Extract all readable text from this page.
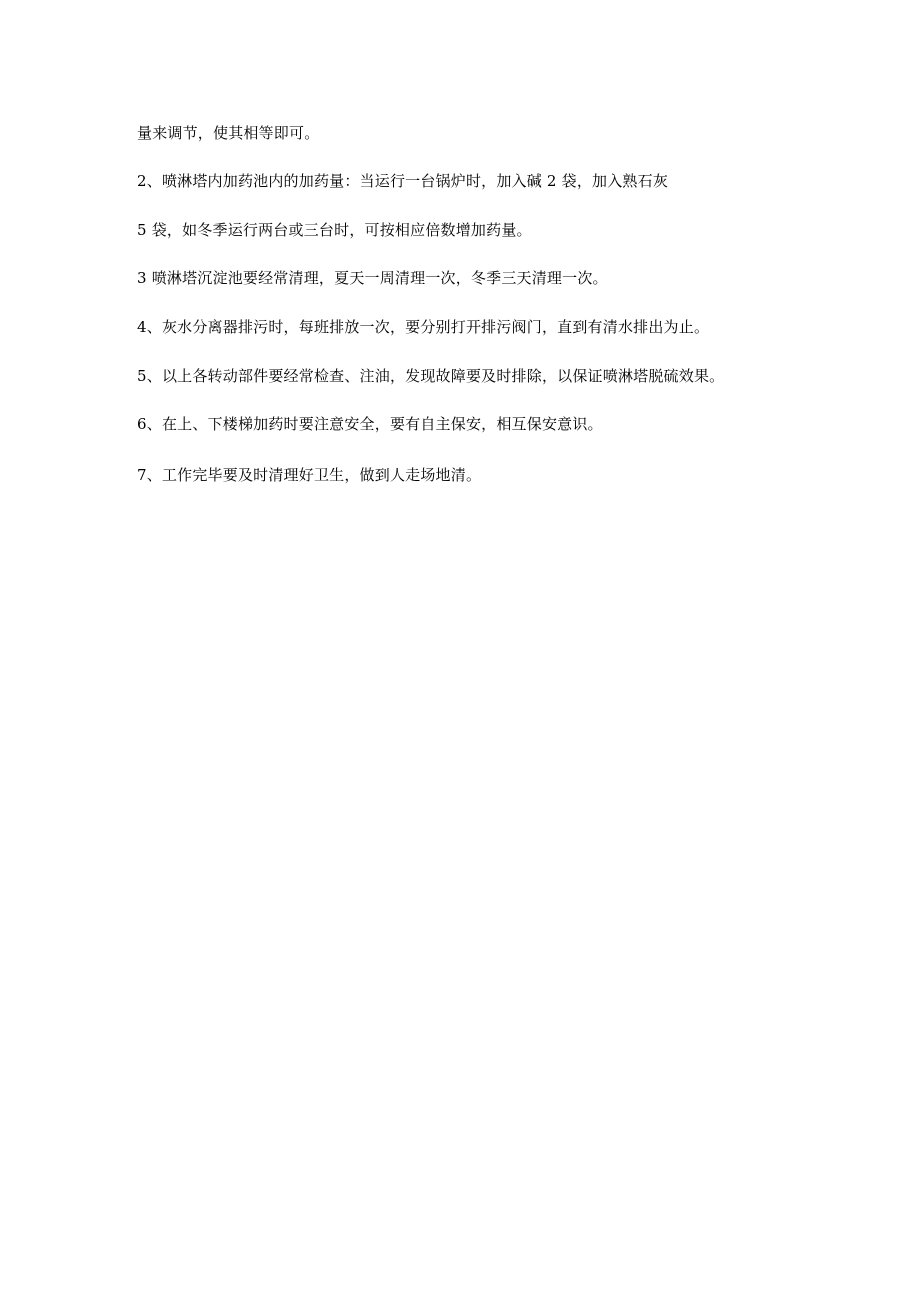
量来调节，使其相等即可。

2、喷淋塔内加药池内的加药量：当运行一台锅炉时，加入碱 2 袋，加入熟石灰

5 袋，如冬季运行两台或三台时，可按相应倍数增加药量。

3 喷淋塔沉淀池要经常清理，夏天一周清理一次，冬季三天清理一次。

4、灰水分离器排污时，每班排放一次，要分别打开排污阀门，直到有清水排出为止。

5、以上各转动部件要经常检查、注油，发现故障要及时排除，以保证喷淋塔脱硫效果。

6、在上、下楼梯加药时要注意安全，要有自主保安，相互保安意识。

7、工作完毕要及时清理好卫生，做到人走场地清。
